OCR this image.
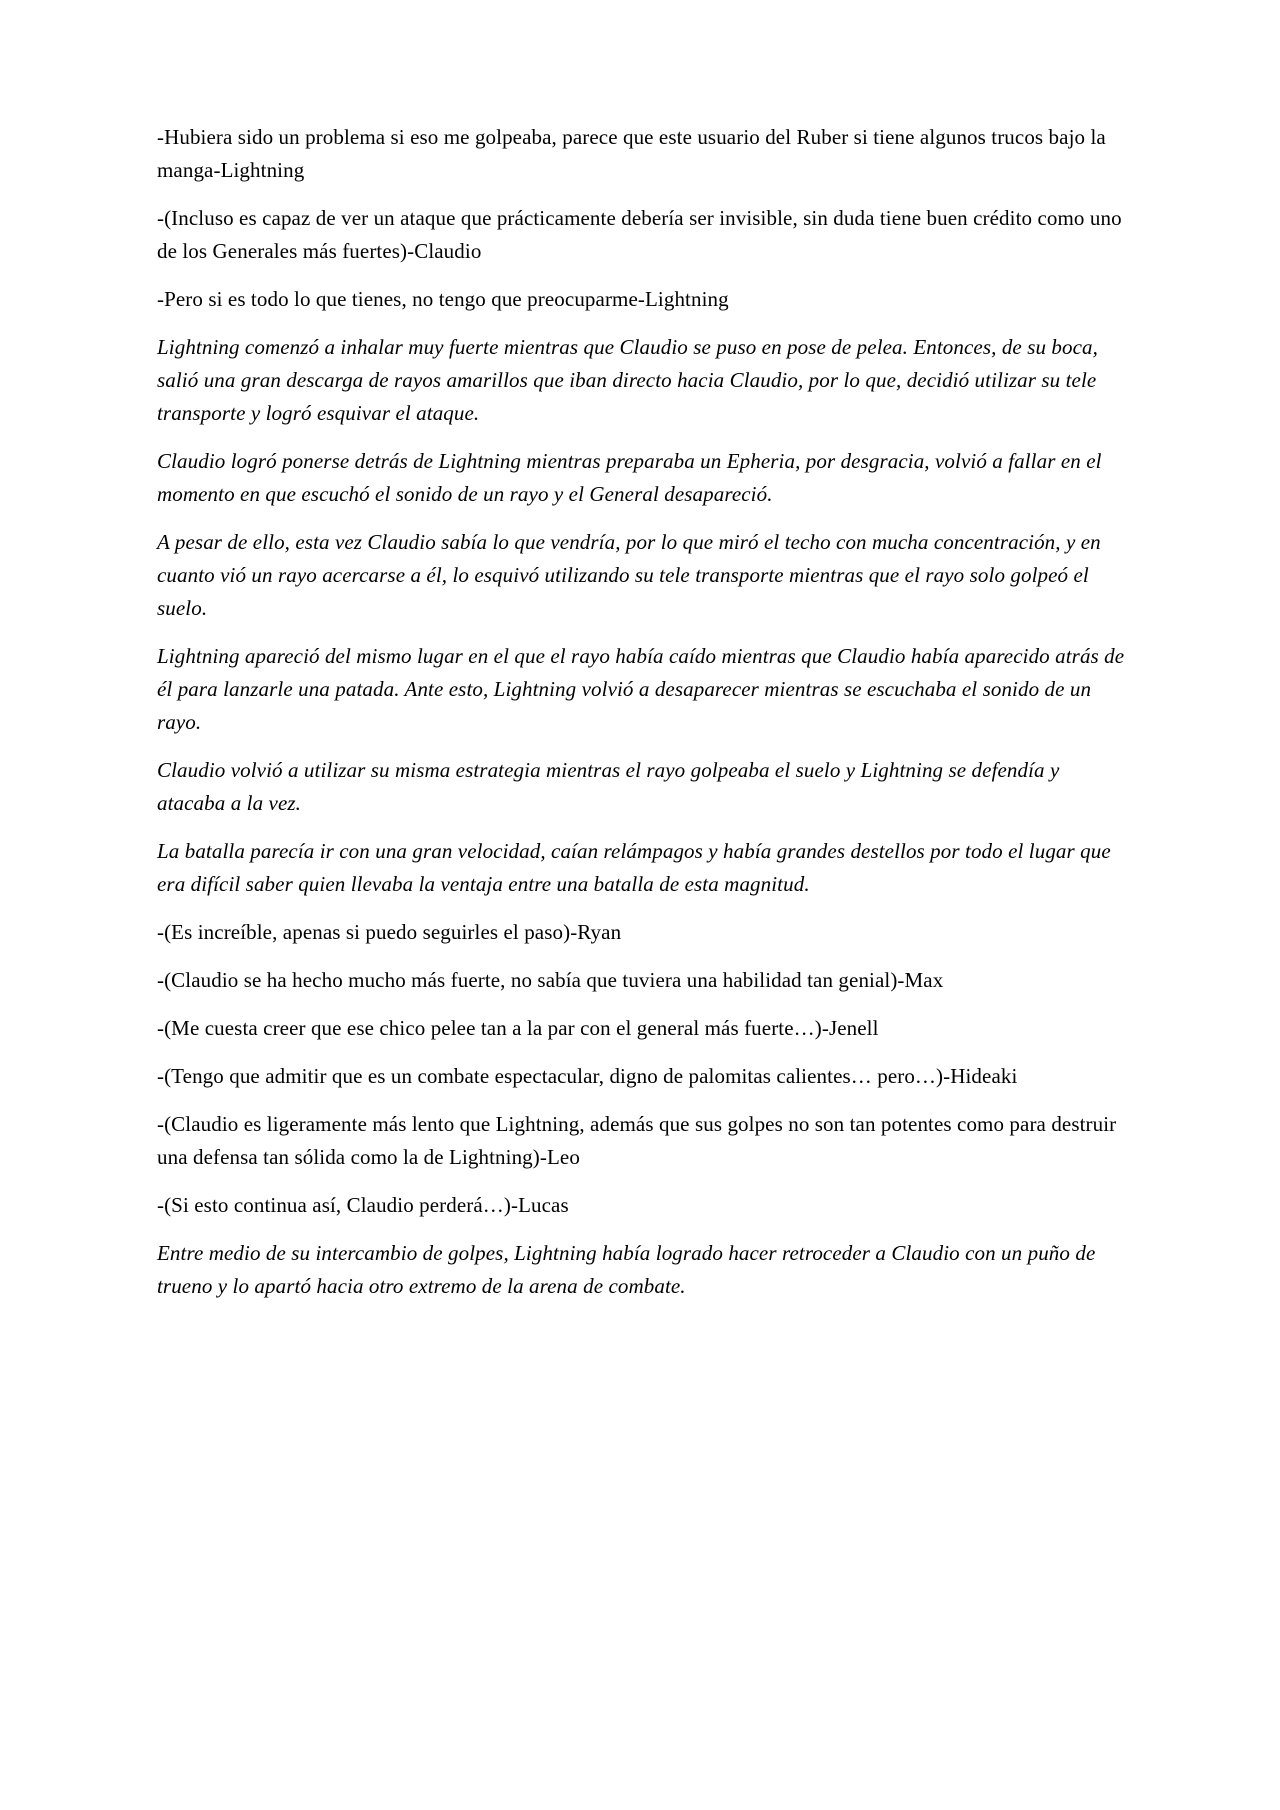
-Hubiera sido un problema si eso me golpeaba, parece que este usuario del Ruber si tiene algunos trucos bajo la manga-Lightning

-(Incluso es capaz de ver un ataque que prácticamente debería ser invisible, sin duda tiene buen crédito como uno de los Generales más fuertes)-Claudio

-Pero si es todo lo que tienes, no tengo que preocuparme-Lightning

Lightning comenzó a inhalar muy fuerte mientras que Claudio se puso en pose de pelea. Entonces, de su boca, salió una gran descarga de rayos amarillos que iban directo hacia Claudio, por lo que, decidió utilizar su tele transporte y logró esquivar el ataque.

Claudio logró ponerse detrás de Lightning mientras preparaba un Epheria, por desgracia, volvió a fallar en el momento en que escuchó el sonido de un rayo y el General desapareció.

A pesar de ello, esta vez Claudio sabía lo que vendría, por lo que miró el techo con mucha concentración, y en cuanto vió un rayo acercarse a él, lo esquivó utilizando su tele transporte mientras que el rayo solo golpeó el suelo.

Lightning apareció del mismo lugar en el que el rayo había caído mientras que Claudio había aparecido atrás de él para lanzarle una patada. Ante esto, Lightning volvió a desaparecer mientras se escuchaba el sonido de un rayo.

Claudio volvió a utilizar su misma estrategia mientras el rayo golpeaba el suelo y Lightning se defendía y atacaba a la vez.

La batalla parecía ir con una gran velocidad, caían relámpagos y había grandes destellos por todo el lugar que era difícil saber quien llevaba la ventaja entre una batalla de esta magnitud.

-(Es increíble, apenas si puedo seguirles el paso)-Ryan

-(Claudio se ha hecho mucho más fuerte, no sabía que tuviera una habilidad tan genial)-Max

-(Me cuesta creer que ese chico pelee tan a la par con el general más fuerte…)-Jenell

-(Tengo que admitir que es un combate espectacular, digno de palomitas calientes… pero…)-Hideaki

-(Claudio es ligeramente más lento que Lightning, además que sus golpes no son tan potentes como para destruir una defensa tan sólida como la de Lightning)-Leo

-(Si esto continua así, Claudio perderá…)-Lucas

Entre medio de su intercambio de golpes, Lightning había logrado hacer retroceder a Claudio con un puño de trueno y lo apartó hacia otro extremo de la arena de combate.
